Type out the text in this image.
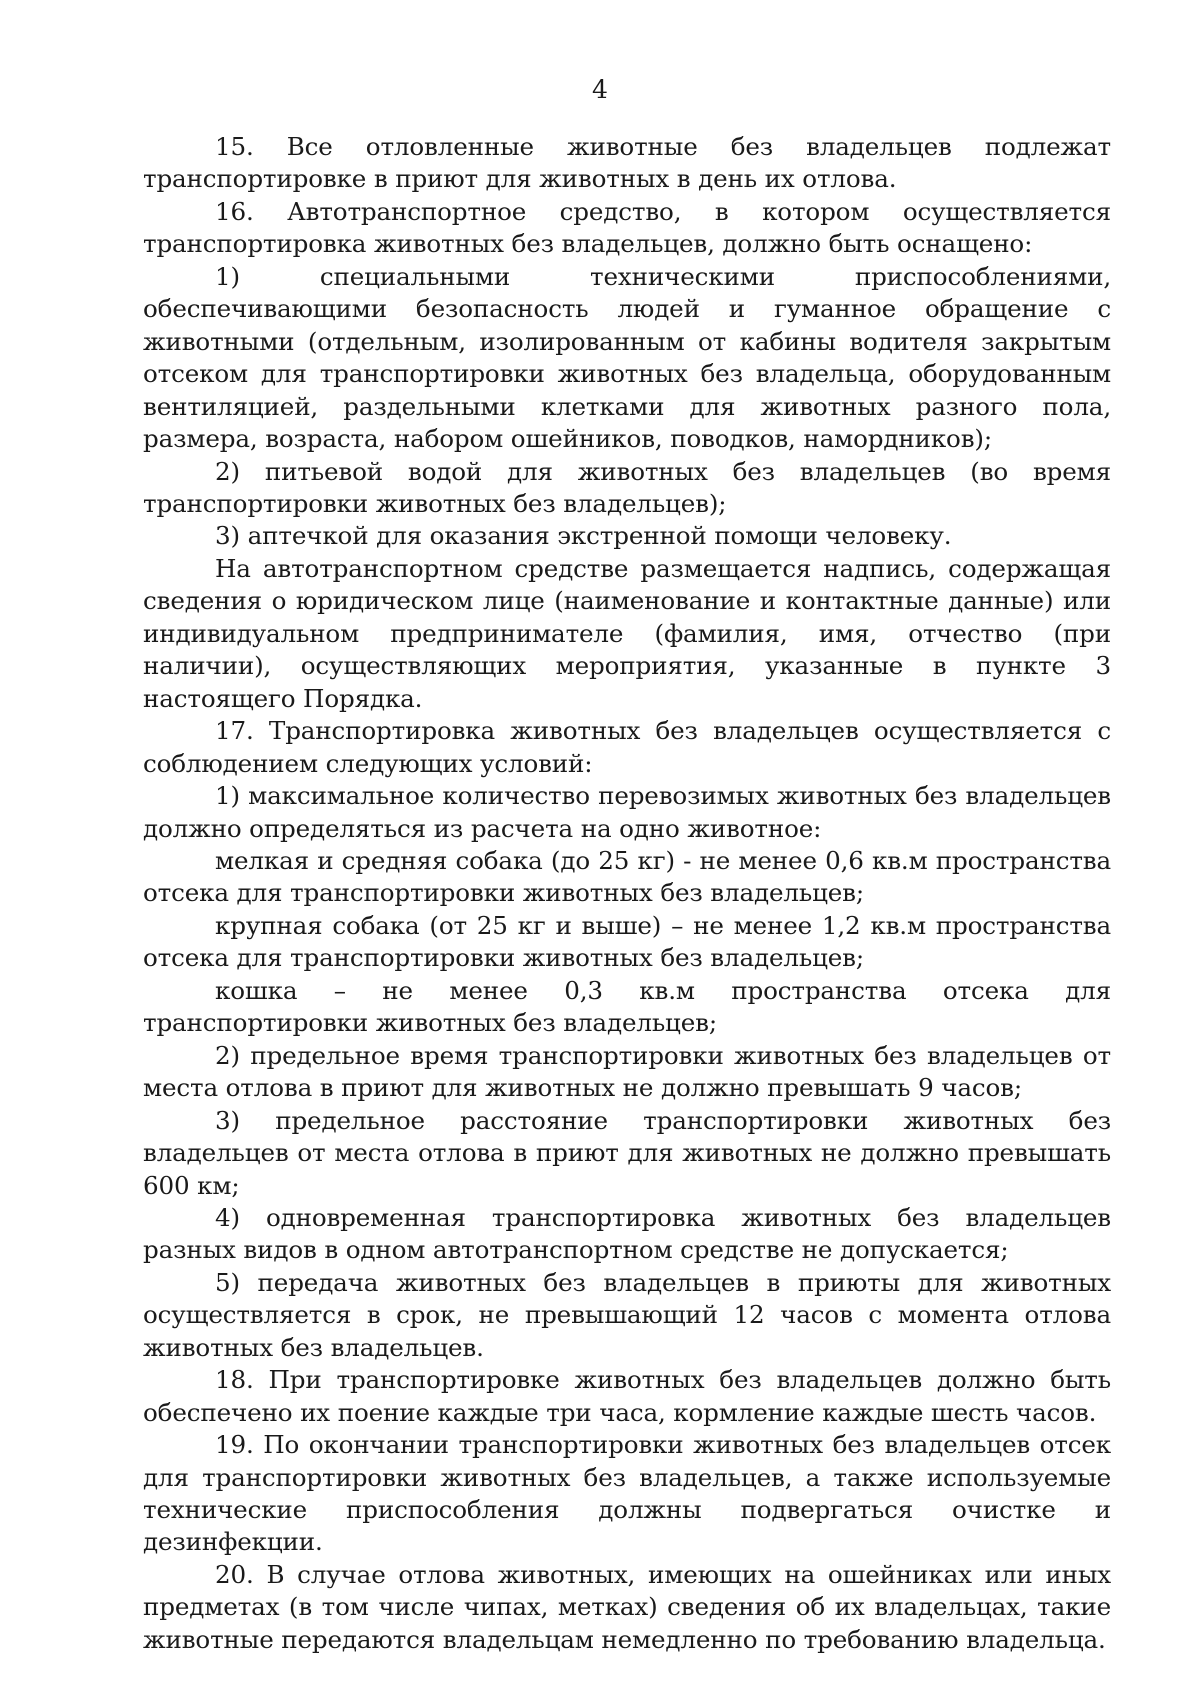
4

15. Все отловленные животные без владельцев подлежат транспортировке в приют для животных в день их отлова.

16. Автотранспортное средство, в котором осуществляется транспортировка животных без владельцев, должно быть оснащено:

1) специальными техническими приспособлениями, обеспечивающими безопасность людей и гуманное обращение с животными (отдельным, изолированным от кабины водителя закрытым отсеком для транспортировки животных без владельца, оборудованным вентиляцией, раздельными клетками для животных разного пола, размера, возраста, набором ошейников, поводков, намордников);

2) питьевой водой для животных без владельцев (во время транспортировки животных без владельцев);

3) аптечкой для оказания экстренной помощи человеку.

На автотранспортном средстве размещается надпись, содержащая сведения о юридическом лице (наименование и контактные данные) или индивидуальном предпринимателе (фамилия, имя, отчество (при наличии), осуществляющих мероприятия, указанные в пункте 3 настоящего Порядка.

17. Транспортировка животных без владельцев осуществляется с соблюдением следующих условий:

1) максимальное количество перевозимых животных без владельцев должно определяться из расчета на одно животное:

мелкая и средняя собака (до 25 кг) - не менее 0,6 кв.м пространства отсека для транспортировки животных без владельцев;

крупная собака (от 25 кг и выше) – не менее 1,2 кв.м пространства отсека для транспортировки животных без владельцев;

кошка – не менее 0,3 кв.м пространства отсека для транспортировки животных без владельцев;

2) предельное время транспортировки животных без владельцев от места отлова в приют для животных не должно превышать 9 часов;

3) предельное расстояние транспортировки животных без владельцев от места отлова в приют для животных не должно превышать 600 км;

4) одновременная транспортировка животных без владельцев разных видов в одном автотранспортном средстве не допускается;

5) передача животных без владельцев в приюты для животных осуществляется в срок, не превышающий 12 часов с момента отлова животных без владельцев.

18. При транспортировке животных без владельцев должно быть обеспечено их поение каждые три часа, кормление каждые шесть часов.

19. По окончании транспортировки животных без владельцев отсек для транспортировки животных без владельцев, а также используемые технические приспособления должны подвергаться очистке и дезинфекции.

20. В случае отлова животных, имеющих на ошейниках или иных предметах (в том числе чипах, метках) сведения об их владельцах, такие животные передаются владельцам немедленно по требованию владельца.
